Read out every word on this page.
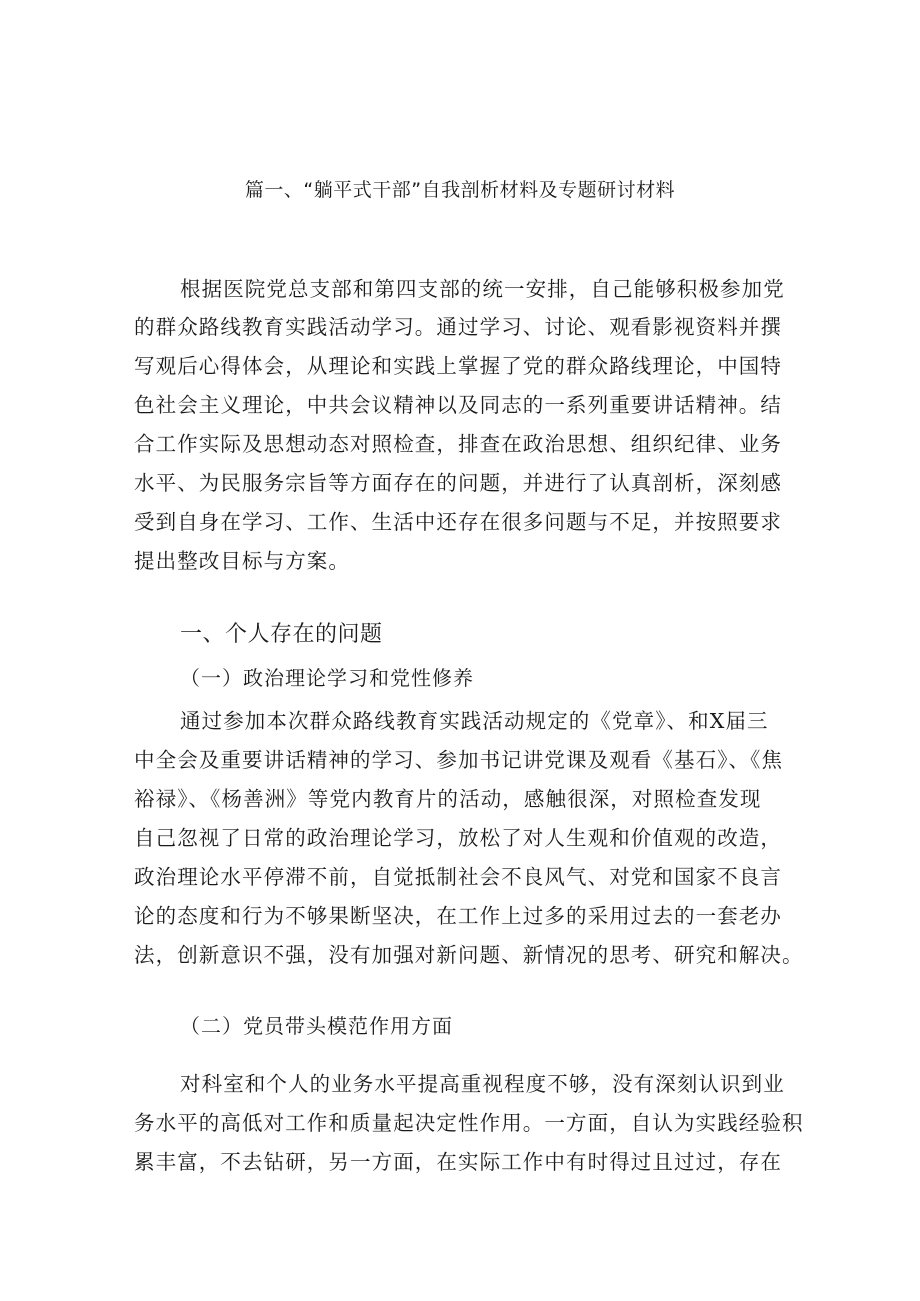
篇一、“躺平式干部”自我剖析材料及专题研讨材料
根据医院党总支部和第四支部的统一安排，自己能够积极参加党
的群众路线教育实践活动学习。通过学习、讨论、观看影视资料并撰
写观后心得体会，从理论和实践上掌握了党的群众路线理论，中国特
色社会主义理论，中共会议精神以及同志的一系列重要讲话精神。结
合工作实际及思想动态对照检查，排查在政治思想、组织纪律、业务
水平、为民服务宗旨等方面存在的问题，并进行了认真剖析，深刻感
受到自身在学习、工作、生活中还存在很多问题与不足，并按照要求
提出整改目标与方案。
一、个人存在的问题
（一）政治理论学习和党性修养
通过参加本次群众路线教育实践活动规定的《党章》、和X届三
中全会及重要讲话精神的学习、参加书记讲党课及观看《基石》、《焦
裕禄》、《杨善洲》等党内教育片的活动，感触很深，对照检查发现
自己忽视了日常的政治理论学习，放松了对人生观和价值观的改造，
政治理论水平停滞不前，自觉抵制社会不良风气、对党和国家不良言
论的态度和行为不够果断坚决，在工作上过多的采用过去的一套老办
法，创新意识不强，没有加强对新问题、新情况的思考、研究和解决。
（二）党员带头模范作用方面
对科室和个人的业务水平提高重视程度不够，没有深刻认识到业
务水平的高低对工作和质量起决定性作用。一方面，自认为实践经验积
累丰富，不去钻研，另一方面，在实际工作中有时得过且过过，存在
